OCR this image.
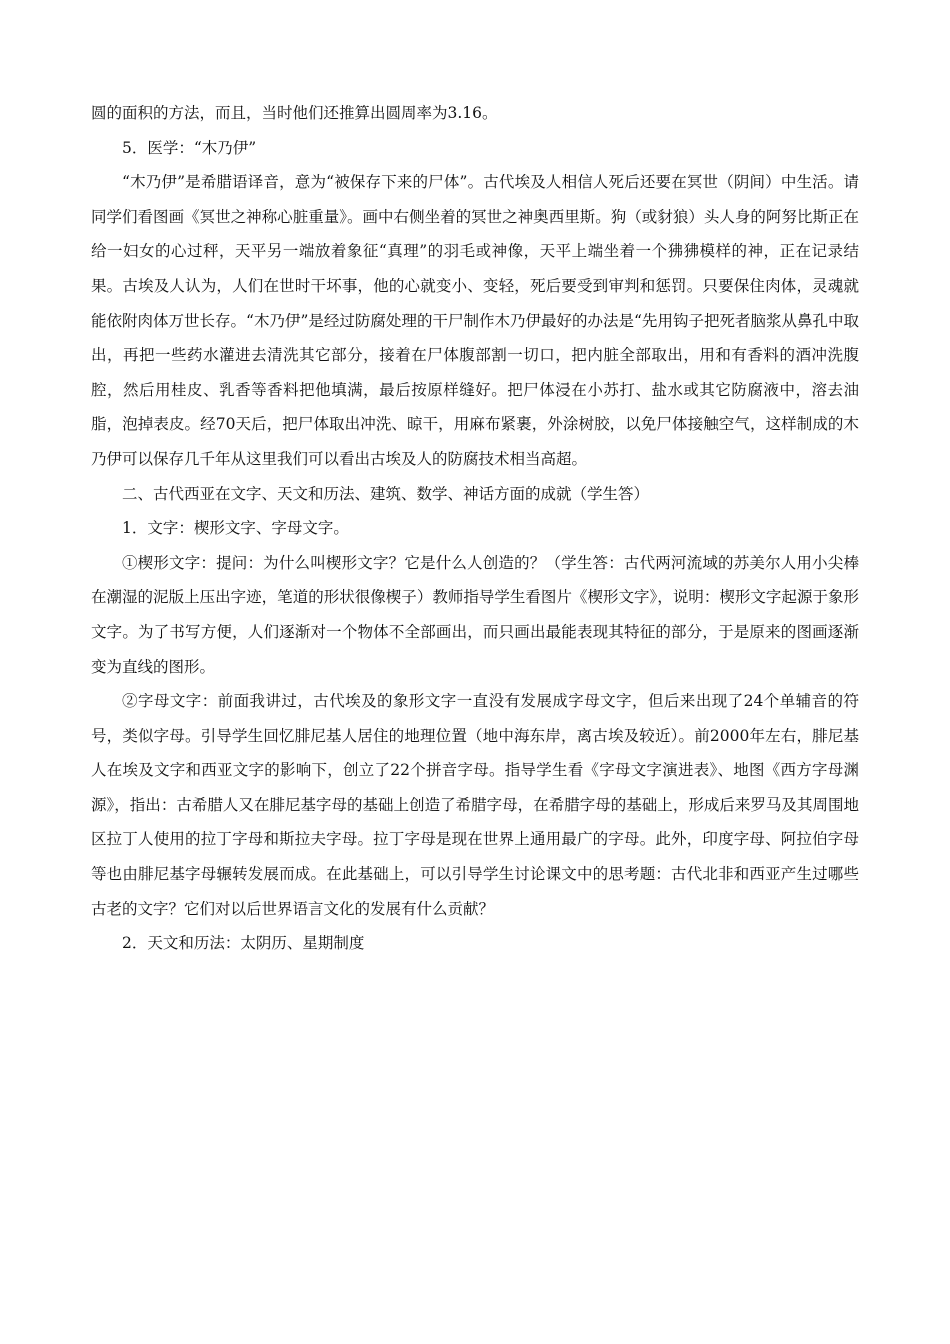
圆的面积的方法，而且，当时他们还推算出圆周率为3.16。

5．医学：“木乃伊”

“木乃伊”是希腊语译音，意为“被保存下来的尸体”。古代埃及人相信人死后还要在冥世（阴间）中生活。请同学们看图画《冥世之神称心脏重量》。画中右侧坐着的冥世之神奥西里斯。狗（或豺狼）头人身的阿努比斯正在给一妇女的心过秤，天平另一端放着象征“真理”的羽毛或神像，天平上端坐着一个狒狒模样的神，正在记录结果。古埃及人认为，人们在世时干坏事，他的心就变小、变轻，死后要受到审判和惩罚。只要保住肉体，灵魂就能依附肉体万世长存。“木乃伊”是经过防腐处理的干尸制作木乃伊最好的办法是“先用钩子把死者脑浆从鼻孔中取出，再把一些药水灌进去清洗其它部分，接着在尸体腹部割一切口，把内脏全部取出，用和有香料的酒冲洗腹腔，然后用桂皮、乳香等香料把他填满，最后按原样缝好。把尸体浸在小苏打、盐水或其它防腐液中，溶去油脂，泡掉表皮。经70天后，把尸体取出冲洗、晾干，用麻布紧裹，外涂树胶，以免尸体接触空气，这样制成的木乃伊可以保存几千年从这里我们可以看出古埃及人的防腐技术相当高超。

二、古代西亚在文字、天文和历法、建筑、数学、神话方面的成就（学生答）

1．文字：楔形文字、字母文字。

①楔形文字：提问：为什么叫楔形文字？它是什么人创造的？（学生答：古代两河流域的苏美尔人用小尖棒在潮湿的泥版上压出字迹，笔道的形状很像楔子）教师指导学生看图片《楔形文字》，说明：楔形文字起源于象形文字。为了书写方便，人们逐渐对一个物体不全部画出，而只画出最能表现其特征的部分，于是原来的图画逐渐变为直线的图形。

②字母文字：前面我讲过，古代埃及的象形文字一直没有发展成字母文字，但后来出现了24个单辅音的符号，类似字母。引导学生回忆腓尼基人居住的地理位置（地中海东岸，离古埃及较近）。前2000年左右，腓尼基人在埃及文字和西亚文字的影响下，创立了22个拼音字母。指导学生看《字母文字演进表》、地图《西方字母渊源》，指出：古希腊人又在腓尼基字母的基础上创造了希腊字母，在希腊字母的基础上，形成后来罗马及其周围地区拉丁人使用的拉丁字母和斯拉夫字母。拉丁字母是现在世界上通用最广的字母。此外，印度字母、阿拉伯字母等也由腓尼基字母辗转发展而成。在此基础上，可以引导学生讨论课文中的思考题：古代北非和西亚产生过哪些古老的文字？它们对以后世界语言文化的发展有什么贡献？

2．天文和历法：太阴历、星期制度
